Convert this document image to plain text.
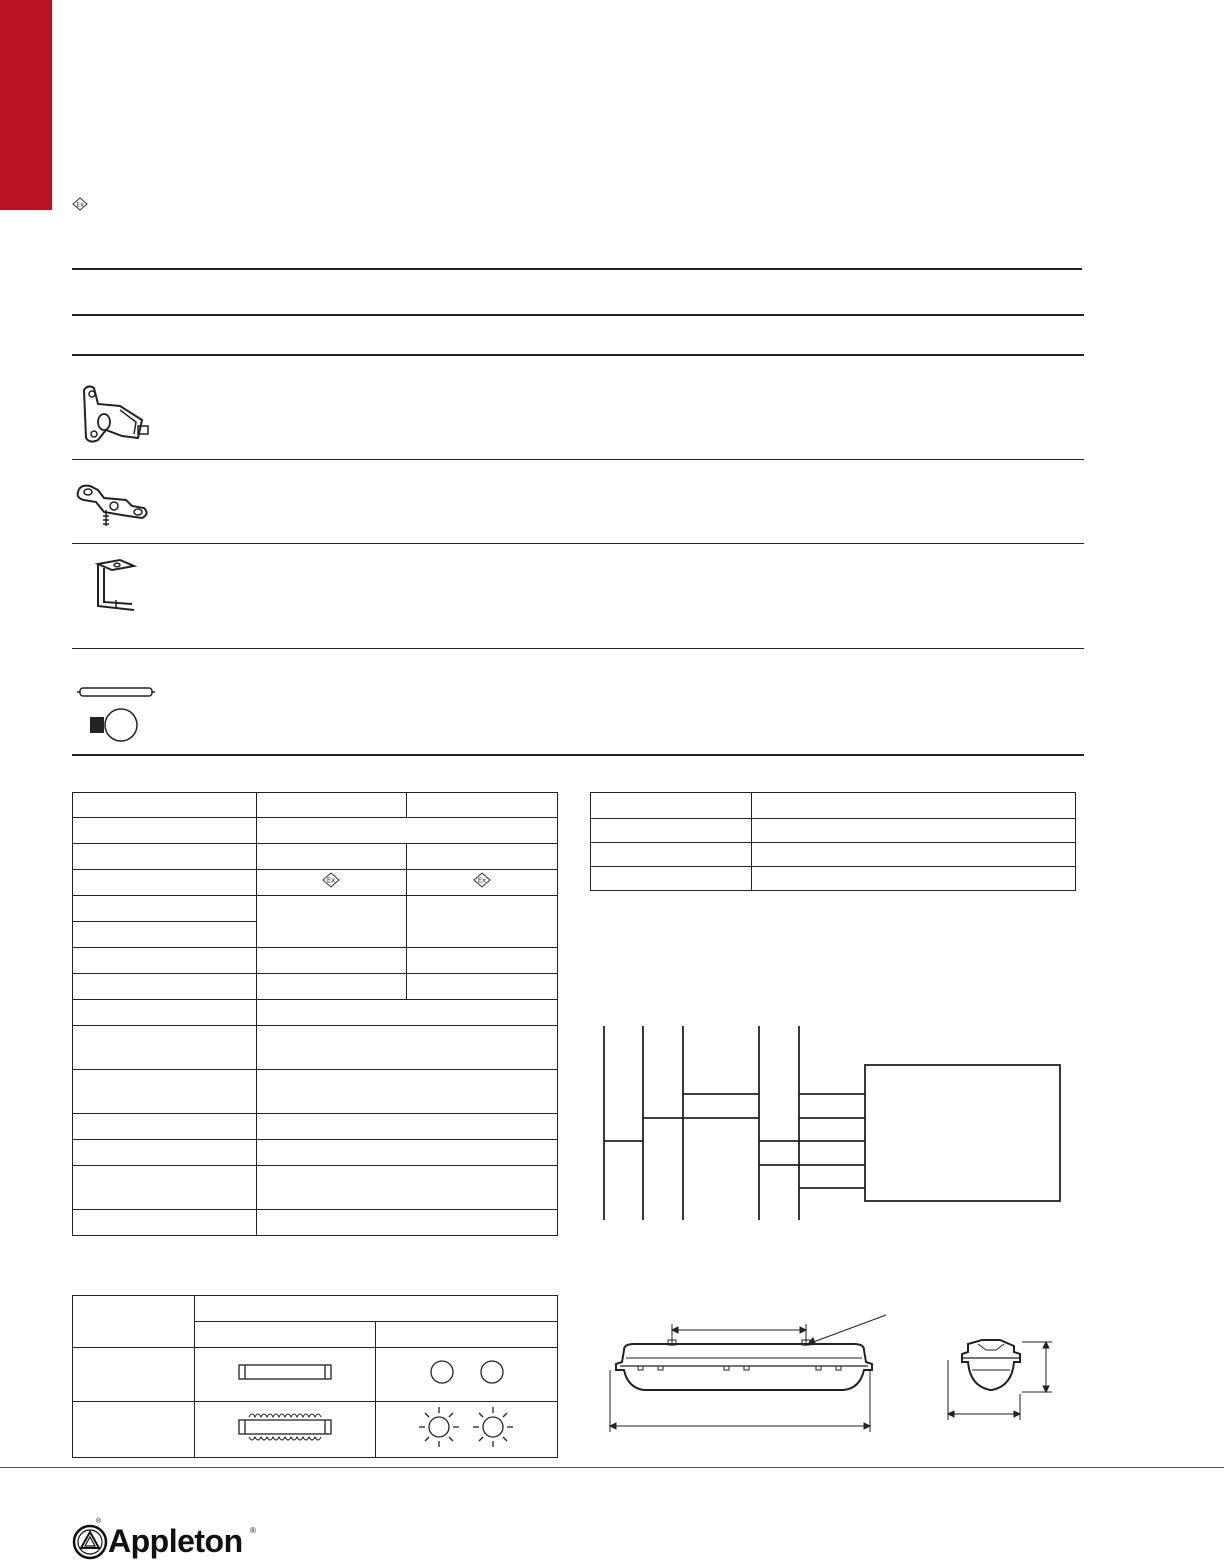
Ex

Ex	Ex

®
Appleton ®
